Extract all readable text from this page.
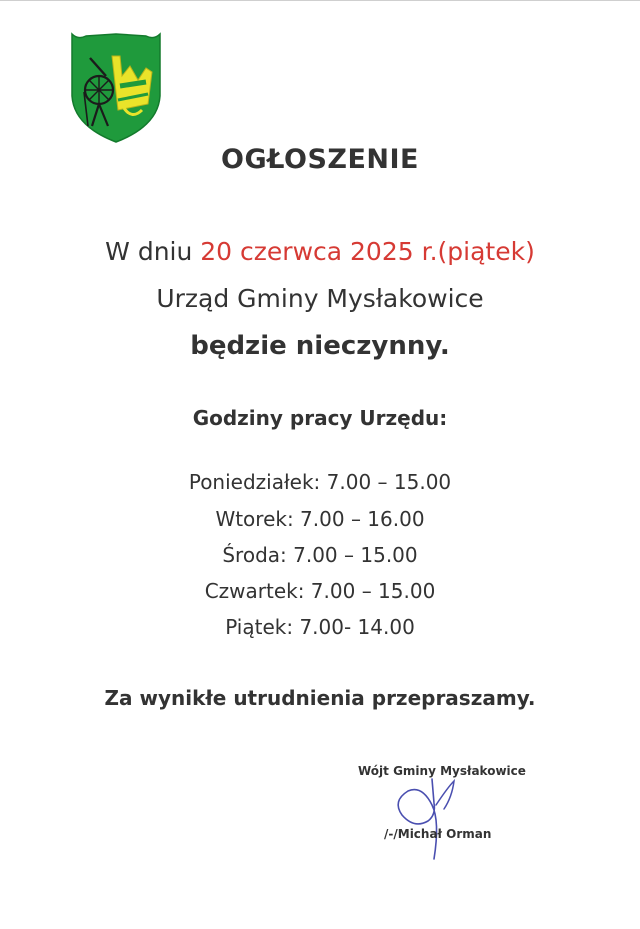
OGŁOSZENIE
W dniu 20 czerwca 2025 r.(piątek)
Urząd Gminy Mysłakowice
będzie nieczynny.
Godziny pracy Urzędu:
Poniedziałek: 7.00 – 15.00
Wtorek: 7.00 – 16.00
Środa: 7.00 – 15.00
Czwartek: 7.00 – 15.00
Piątek: 7.00- 14.00
Za wynikłe utrudnienia przepraszamy.
Wójt Gminy Mysłakowice
/-/Michał Orman
